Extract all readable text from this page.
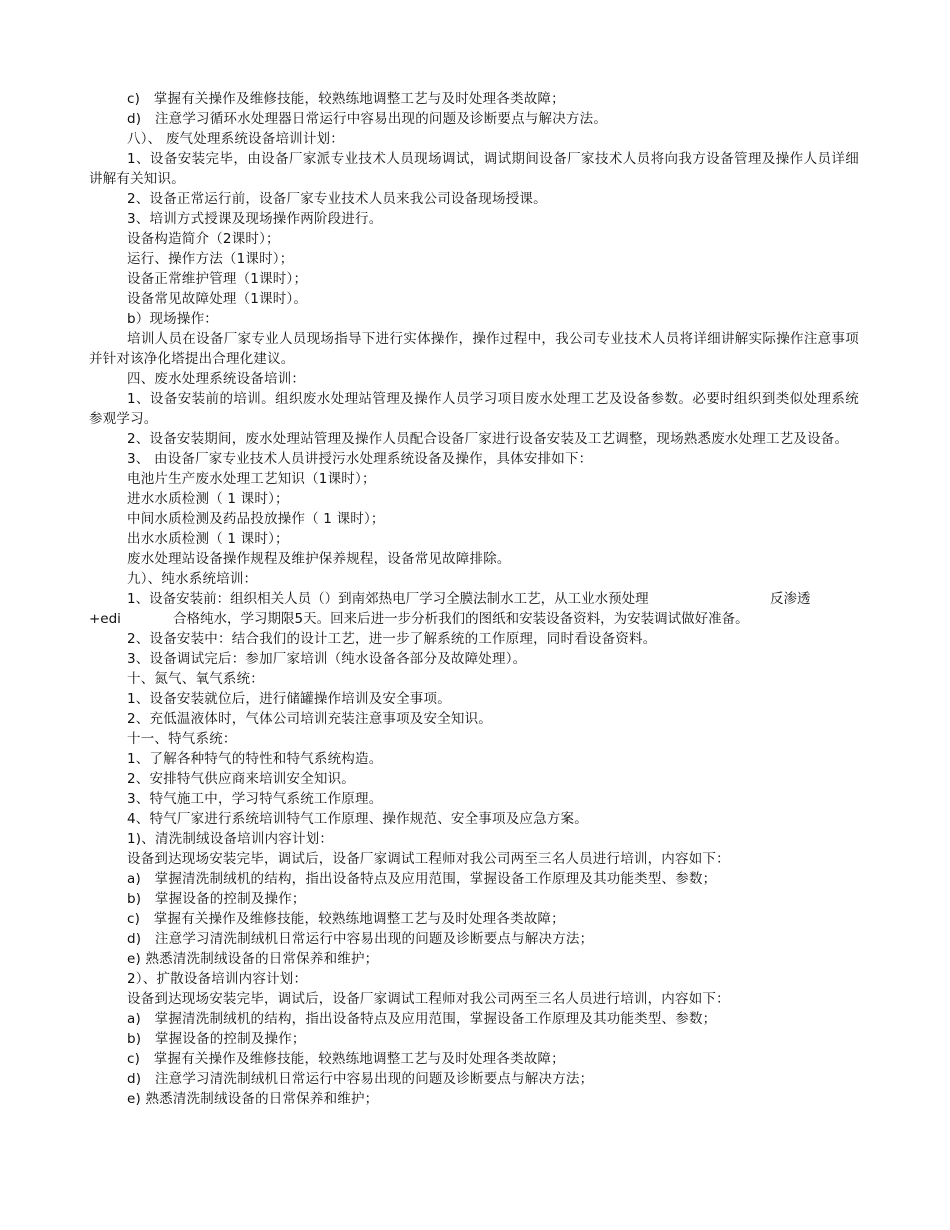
c)　掌握有关操作及维修技能，较熟练地调整工艺与及时处理各类故障；
d)　注意学习循环水处理器日常运行中容易出现的问题及诊断要点与解决方法。
八）、 废气处理系统设备培训计划：
1、设备安装完毕，由设备厂家派专业技术人员现场调试，调试期间设备厂家技术人员将向我方设备管理及操作人员详细讲解有关知识。
2、设备正常运行前，设备厂家专业技术人员来我公司设备现场授课。
3、培训方式授课及现场操作两阶段进行。
设备构造简介（2课时）；
运行、操作方法（1课时）；
设备正常维护管理（1课时）；
设备常见故障处理（1课时）。
b）现场操作：
培训人员在设备厂家专业人员现场指导下进行实体操作，操作过程中，我公司专业技术人员将详细讲解实际操作注意事项并针对该净化塔提出合理化建议。
四、废水处理系统设备培训：
1、设备安装前的培训。组织废水处理站管理及操作人员学习项目废水处理工艺及设备参数。必要时组织到类似处理系统参观学习。
2、设备安装期间，废水处理站管理及操作人员配合设备厂家进行设备安装及工艺调整，现场熟悉废水处理工艺及设备。
3、 由设备厂家专业技术人员讲授污水处理系统设备及操作，具体安排如下：
电池片生产废水处理工艺知识（1课时）；
进水水质检测（ 1 课时）；
中间水质检测及药品投放操作（ 1 课时）；
出水水质检测（ 1 课时）；
废水处理站设备操作规程及维护保养规程，设备常见故障排除。
九）、纯水系统培训：
1、设备安装前：组织相关人员（）到南郊热电厂学习全膜法制水工艺，从工业水预处理	反渗透
+edi	合格纯水，学习期限5天。回来后进一步分析我们的图纸和安装设备资料，为安装调试做好准备。
2、设备安装中：结合我们的设计工艺，进一步了解系统的工作原理，同时看设备资料。
3、设备调试完后：参加厂家培训（纯水设备各部分及故障处理）。
十、氮气、氧气系统：
1、设备安装就位后，进行储罐操作培训及安全事项。
2、充低温液体时，气体公司培训充装注意事项及安全知识。
十一、特气系统：
1、了解各种特气的特性和特气系统构造。
2、安排特气供应商来培训安全知识。
3、特气施工中，学习特气系统工作原理。
4、特气厂家进行系统培训特气工作原理、操作规范、安全事项及应急方案。
1)、清洗制绒设备培训内容计划：
设备到达现场安装完毕，调试后，设备厂家调试工程师对我公司两至三名人员进行培训，内容如下：
a)　掌握清洗制绒机的结构，指出设备特点及应用范围，掌握设备工作原理及其功能类型、参数；
b)　掌握设备的控制及操作；
c)　掌握有关操作及维修技能，较熟练地调整工艺与及时处理各类故障；
d)　注意学习清洗制绒机日常运行中容易出现的问题及诊断要点与解决方法；
e) 熟悉清洗制绒设备的日常保养和维护；
2）、扩散设备培训内容计划：
设备到达现场安装完毕，调试后，设备厂家调试工程师对我公司两至三名人员进行培训，内容如下：
a)　掌握清洗制绒机的结构，指出设备特点及应用范围，掌握设备工作原理及其功能类型、参数；
b)　掌握设备的控制及操作；
c)　掌握有关操作及维修技能，较熟练地调整工艺与及时处理各类故障；
d)　注意学习清洗制绒机日常运行中容易出现的问题及诊断要点与解决方法；
e) 熟悉清洗制绒设备的日常保养和维护；
